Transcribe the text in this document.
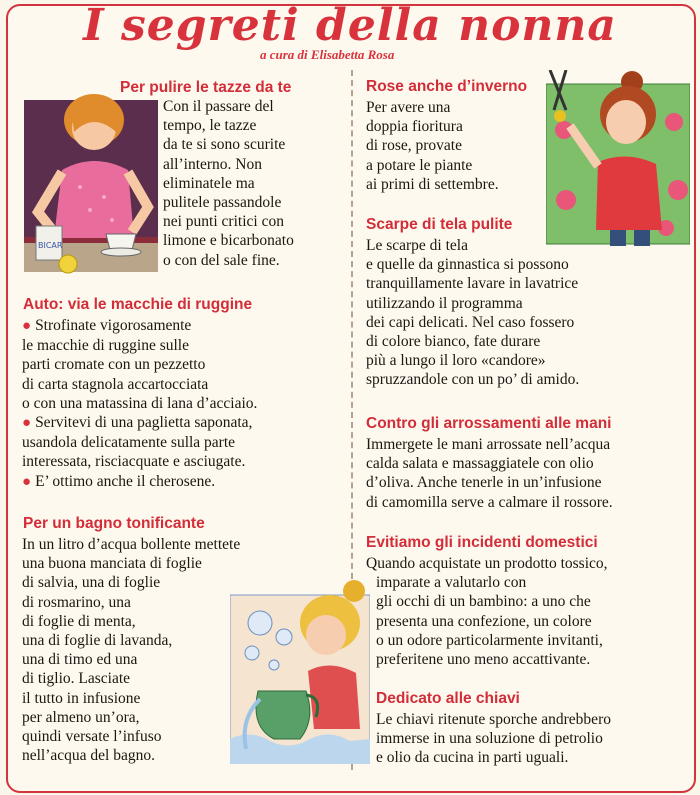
I segreti della nonna
a cura di Elisabetta Rosa
Per pulire le tazze da te
BICAR
Con il passare del
tempo, le tazze
da te si sono scurite
all’interno. Non
eliminatele ma
pulitele passandole
nei punti critici con
limone e bicarbonato
o con del sale fine.
Auto: via le macchie di ruggine
● Strofinate vigorosamente
le macchie di ruggine sulle
parti cromate con un pezzetto
di carta stagnola accartocciata
o con una matassina di lana d’acciaio.
● Servitevi di una paglietta saponata,
usandola delicatamente sulla parte
interessata, risciacquate e asciugate.
● E’ ottimo anche il cherosene.
Per un bagno tonificante
In un litro d’acqua bollente mettete
una buona manciata di foglie
di salvia, una di foglie
di rosmarino, una
di foglie di menta,
una di foglie di lavanda,
una di timo ed una
di tiglio. Lasciate
il tutto in infusione
per almeno un’ora,
quindi versate l’infuso
nell’acqua del bagno.
Rose anche d’inverno
Per avere una
doppia fioritura
di rose, provate
a potare le piante
ai primi di settembre.
Scarpe di tela pulite
Le scarpe di tela
e quelle da ginnastica si possono
tranquillamente lavare in lavatrice
utilizzando il programma
dei capi delicati. Nel caso fossero
di colore bianco, fate durare
più a lungo il loro «candore»
spruzzandole con un po’ di amido.
Contro gli arrossamenti alle mani
Immergete le mani arrossate nell’acqua
calda salata e massaggiatele con olio
d’oliva. Anche tenerle in un’infusione
di camomilla serve a calmare il rossore.
Evitiamo gli incidenti domestici
Quando acquistate un prodotto tossico,
imparate a valutarlo con
gli occhi di un bambino: a uno che
presenta una confezione, un colore
o un odore particolarmente invitanti,
preferitene uno meno accattivante.
Dedicato alle chiavi
Le chiavi ritenute sporche andrebbero
immerse in una soluzione di petrolio
e olio da cucina in parti uguali.
